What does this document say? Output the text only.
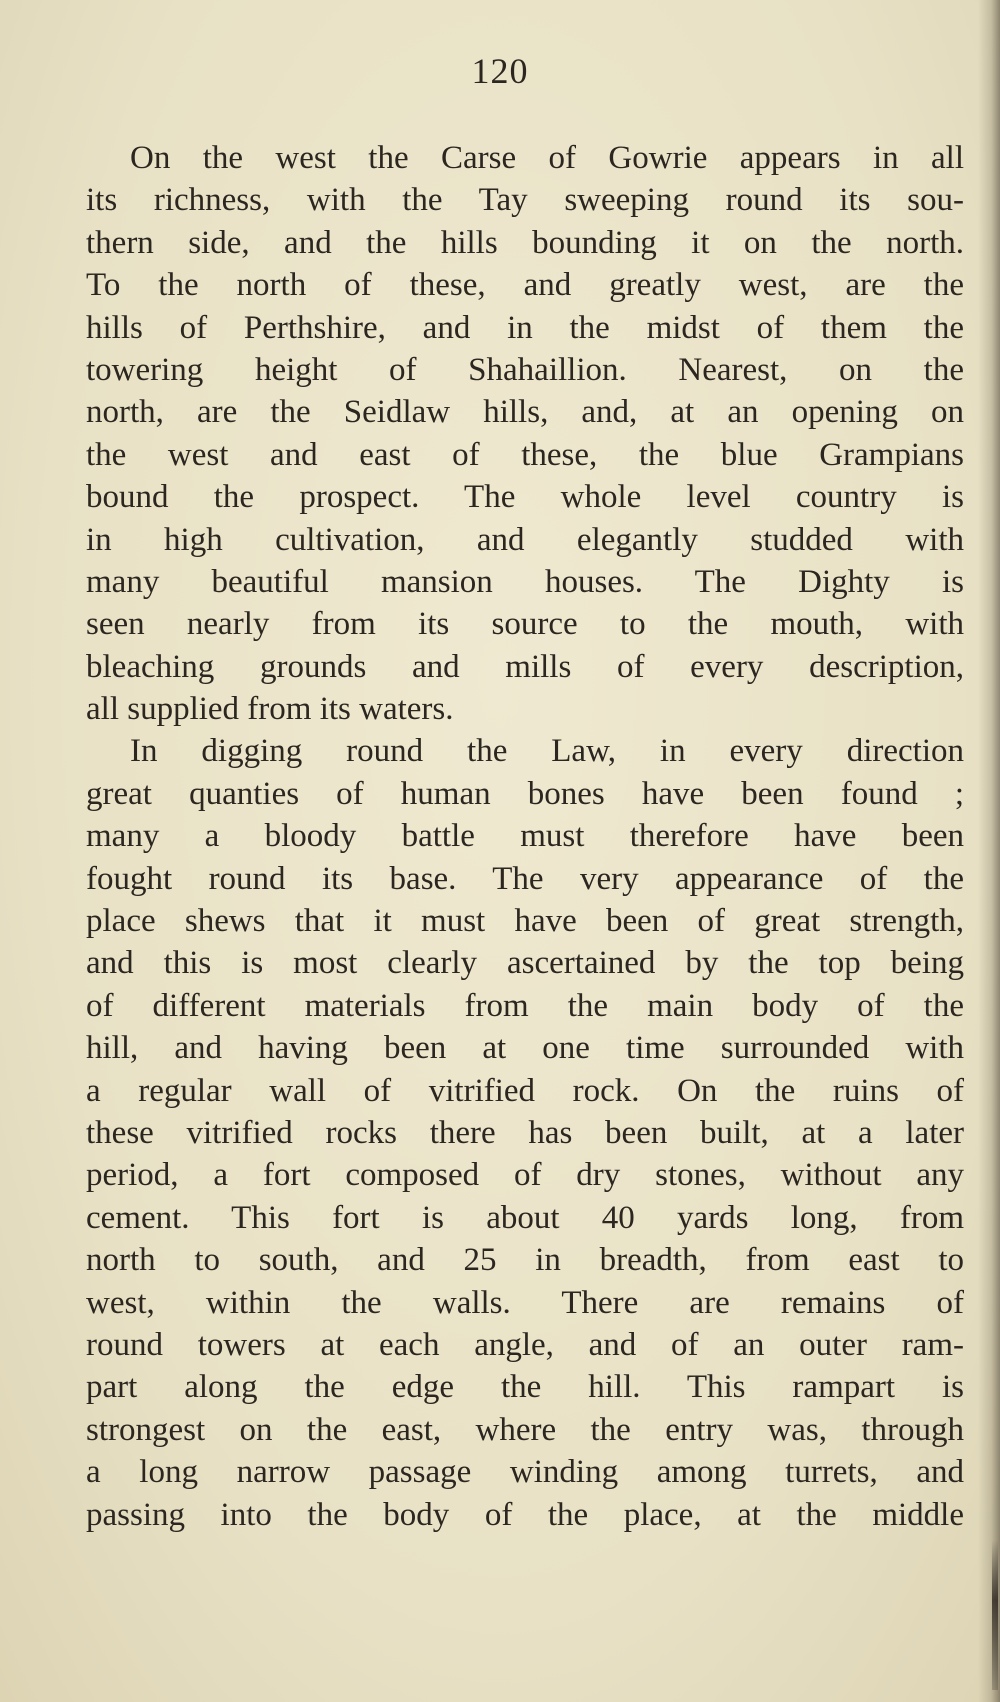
120
On the west the Carse of Gowrie appears in all
its richness, with the Tay sweeping round its sou-
thern side, and the hills bounding it on the north.
To the north of these, and greatly west, are the
hills of Perthshire, and in the midst of them the
towering height of Shahaillion. Nearest, on the
north, are the Seidlaw hills, and, at an opening on
the west and east of these, the blue Grampians
bound the prospect. The whole level country is
in high cultivation, and elegantly studded with
many beautiful mansion houses. The Dighty is
seen nearly from its source to the mouth, with
bleaching grounds and mills of every description,
all supplied from its waters.
In digging round the Law, in every direction
great quanties of human bones have been found ;
many a bloody battle must therefore have been
fought round its base. The very appearance of the
place shews that it must have been of great strength,
and this is most clearly ascertained by the top being
of different materials from the main body of the
hill, and having been at one time surrounded with
a regular wall of vitrified rock. On the ruins of
these vitrified rocks there has been built, at a later
period, a fort composed of dry stones, without any
cement. This fort is about 40 yards long, from
north to south, and 25 in breadth, from east to
west, within the walls. There are remains of
round towers at each angle, and of an outer ram-
part along the edge the hill. This rampart is
strongest on the east, where the entry was, through
a long narrow passage winding among turrets, and
passing into the body of the place, at the middle
